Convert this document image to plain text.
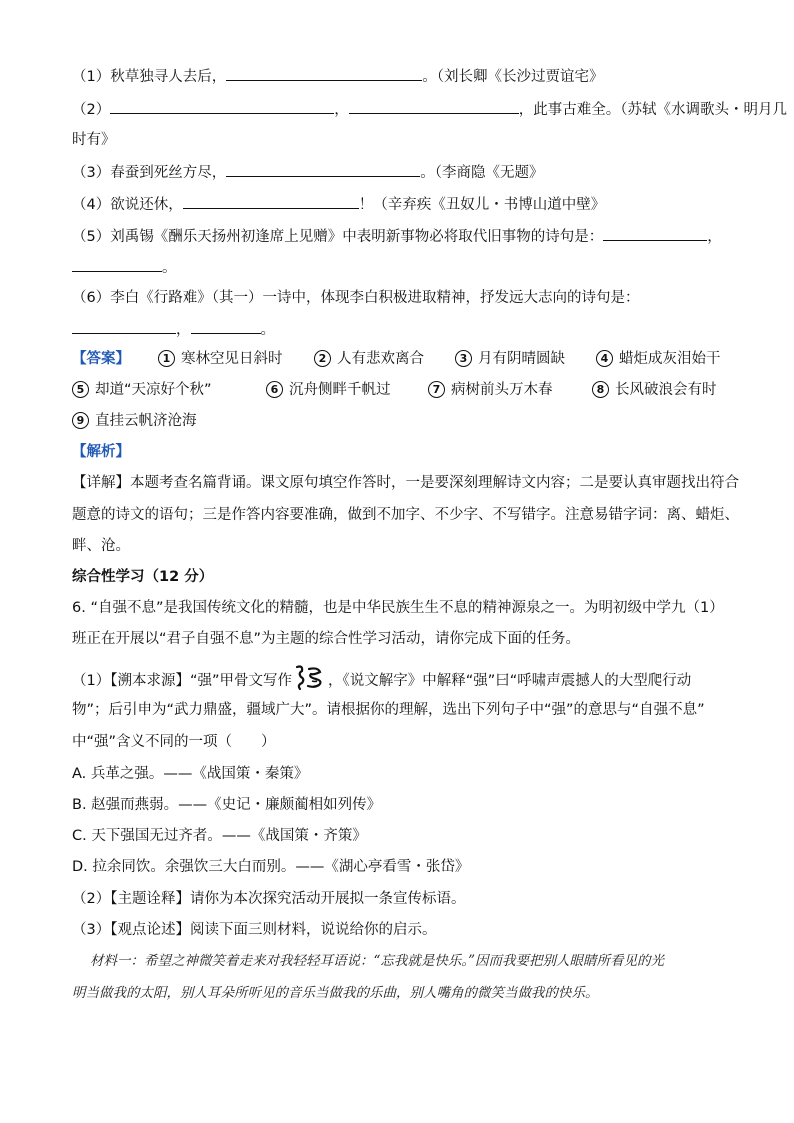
（1）秋草独寻人去后，	。（刘长卿《长沙过贾谊宅》
（2）	，	，此事古难全。（苏轼《水调歌头・明月几
时有》
（3）春蚕到死丝方尽，	。（李商隐《无题》
（4）欲说还休，	！（辛弃疾《丑奴儿・书博山道中壁》
（5）刘禹锡《酬乐天扬州初逢席上见赠》中表明新事物必将取代旧事物的诗句是：	，
。
（6）李白《行路难》（其一）一诗中，体现李白积极进取精神，抒发远大志向的诗句是：
，	。
【答案】	1 寒林空见日斜时	2 人有悲欢离合	3 月有阴晴圆缺	4 蜡炬成灰泪始干
5 却道“天凉好个秋”	6 沉舟侧畔千帆过	7 病树前头万木春	8 长风破浪会有时
9 直挂云帆济沧海
【解析】
【详解】本题考查名篇背诵。课文原句填空作答时，一是要深刻理解诗文内容；二是要认真审题找出符合
题意的诗文的语句；三是作答内容要准确，做到不加字、不少字、不写错字。注意易错字词：离、蜡炬、
畔、沧。
综合性学习（12 分）
6. “自强不息”是我国传统文化的精髓，也是中华民族生生不息的精神源泉之一。为明初级中学九（1）
班正在开展以“君子自强不息”为主题的综合性学习活动，请你完成下面的任务。
（1）【溯本求源】“强”甲骨文写作 ，《说文解字》中解释“强”曰“呼啸声震撼人的大型爬行动
物”；后引申为“武力鼎盛，疆域广大”。请根据你的理解，选出下列句子中“强”的意思与“自强不息”
中“强”含义不同的一项（　　）
A. 兵革之强。——《战国策・秦策》
B. 赵强而燕弱。——《史记・廉颇蔺相如列传》
C. 天下强国无过齐者。——《战国策・齐策》
D. 拉余同饮。余强饮三大白而别。——《湖心亭看雪・张岱》
（2）【主题诠释】请你为本次探究活动开展拟一条宣传标语。
（3）【观点论述】阅读下面三则材料，说说给你的启示。
材料一：希望之神微笑着走来对我轻轻耳语说：“忘我就是快乐。”因而我要把别人眼睛所看见的光
明当做我的太阳，别人耳朵所听见的音乐当做我的乐曲，别人嘴角的微笑当做我的快乐。
